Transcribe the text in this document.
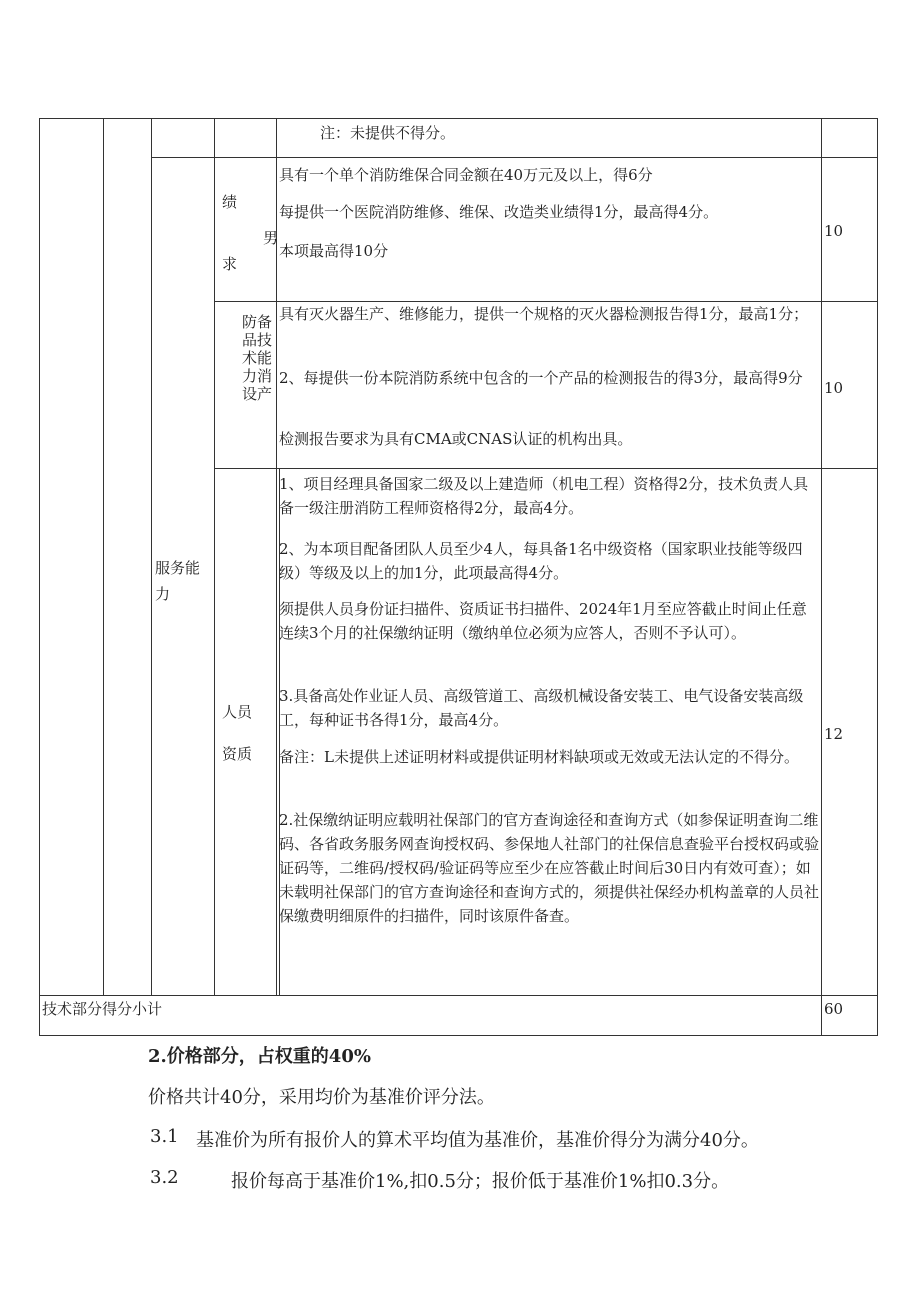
注：未提供不得分。
绩
男
求
具有一个单个消防维保合同金额在40万元及以上，得6分
每提供一个医院消防维修、维保、改造类业绩得1分，最高得4分。
本项最高得10分
10
防备品技术能力消设产
具有灭火器生产、维修能力，提供一个规格的灭火器检测报告得1分，最高1分；
2、每提供一份本院消防系统中包含的一个产品的检测报告的得3分，最高得9分
检测报告要求为具有CMA或CNAS认证的机构出具。
10
服务能力
人员
资质
1、项目经理具备国家二级及以上建造师（机电工程）资格得2分，技术负责人具备一级注册消防工程师资格得2分，最高4分。
2、为本项目配备团队人员至少4人，每具备1名中级资格（国家职业技能等级四级）等级及以上的加1分，此项最高得4分。
须提供人员身份证扫描件、资质证书扫描件、2024年1月至应答截止时间止任意连续3个月的社保缴纳证明（缴纳单位必须为应答人，否则不予认可）。
3.具备高处作业证人员、高级管道工、高级机械设备安装工、电气设备安装高级工，每种证书各得1分，最高4分。
备注：L未提供上述证明材料或提供证明材料缺项或无效或无法认定的不得分。
2.社保缴纳证明应载明社保部门的官方查询途径和查询方式（如参保证明查询二维码、各省政务服务网查询授权码、参保地人社部门的社保信息查验平台授权码或验证码等，二维码/授权码/验证码等应至少在应答截止时间后30日内有效可查）；如未载明社保部门的官方查询途径和查询方式的，须提供社保经办机构盖章的人员社保缴费明细原件的扫描件，同时该原件备查。
12
技术部分得分小计	60
2.价格部分，占权重的40%
价格共计40分，采用均价为基准价评分法。
3.1 基准价为所有报价人的算术平均值为基准价，基准价得分为满分40分。
3.2	报价每高于基准价1%,扣0.5分；报价低于基准价1%扣0.3分。
